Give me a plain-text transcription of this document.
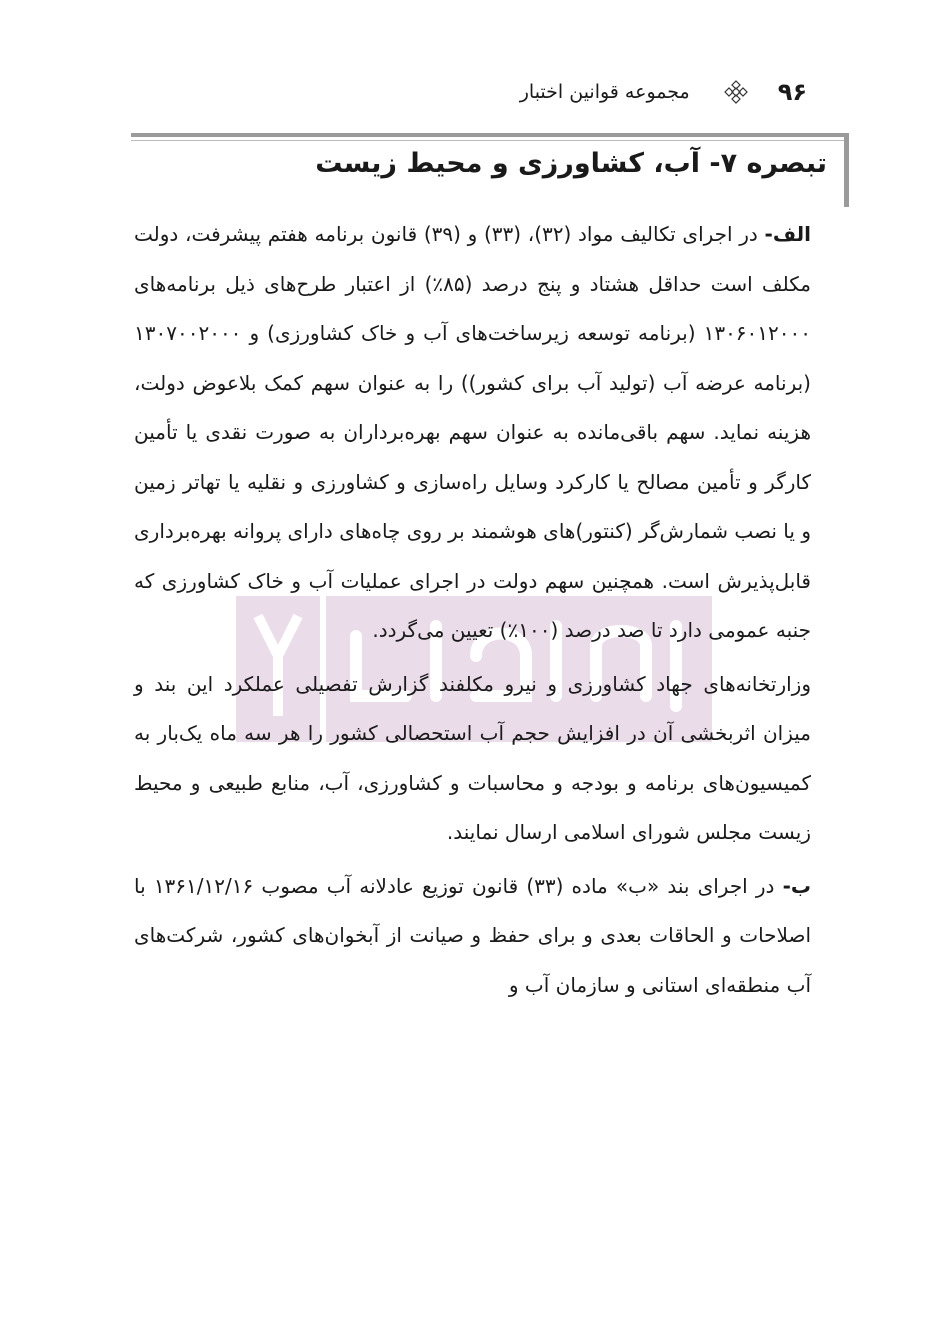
۹۶
مجموعه قوانین اختبار
تبصره ۷- آب، کشاورزی و محیط زیست

الف- در اجرای تکالیف مواد (۳۲)، (۳۳) و (۳۹) قانون برنامه هفتم پیشرفت، دولت مکلف است حداقل هشتاد و پنج درصد (۸۵٪) از اعتبار طرح‌های ذیل برنامه‌های ۱۳۰۶۰۱۲۰۰۰ (برنامه توسعه زیرساخت‌های آب و خاک کشاورزی) و ۱۳۰۷۰۰۲۰۰۰ (برنامه عرضه آب (تولید آب برای کشور)) را به عنوان سهم کمک بلاعوض دولت، هزینه نماید. سهم باقی‌مانده به عنوان سهم بهره‌برداران به صورت نقدی یا تأمین کارگر و تأمین مصالح یا کارکرد وسایل راه‌سازی و کشاورزی و نقلیه یا تهاتر زمین و یا نصب شمارش‌گر (کنتور)های هوشمند بر روی چاه‌های دارای پروانه بهره‌برداری قابل‌پذیرش است. همچنین سهم دولت در اجرای عملیات آب و خاک کشاورزی که جنبه عمومی دارد تا صد درصد (۱۰۰٪) تعیین می‌گردد.

وزارتخانه‌های جهاد کشاورزی و نیرو مکلفند گزارش تفصیلی عملکرد این بند و میزان اثربخشی آن در افزایش حجم آب استحصالی کشور را هر سه ماه یک‌بار به کمیسیون‌های برنامه و بودجه و محاسبات و کشاورزی، آب، منابع طبیعی و محیط زیست مجلس شورای اسلامی ارسال نمایند.

ب- در اجرای بند «ب» ماده (۳۳) قانون توزیع عادلانه آب مصوب ۱۳۶۱/۱۲/۱۶ با اصلاحات و الحاقات بعدی و برای حفظ و صیانت از آبخوان‌های کشور، شرکت‌های آب منطقه‌ای استانی و سازمان آب و
